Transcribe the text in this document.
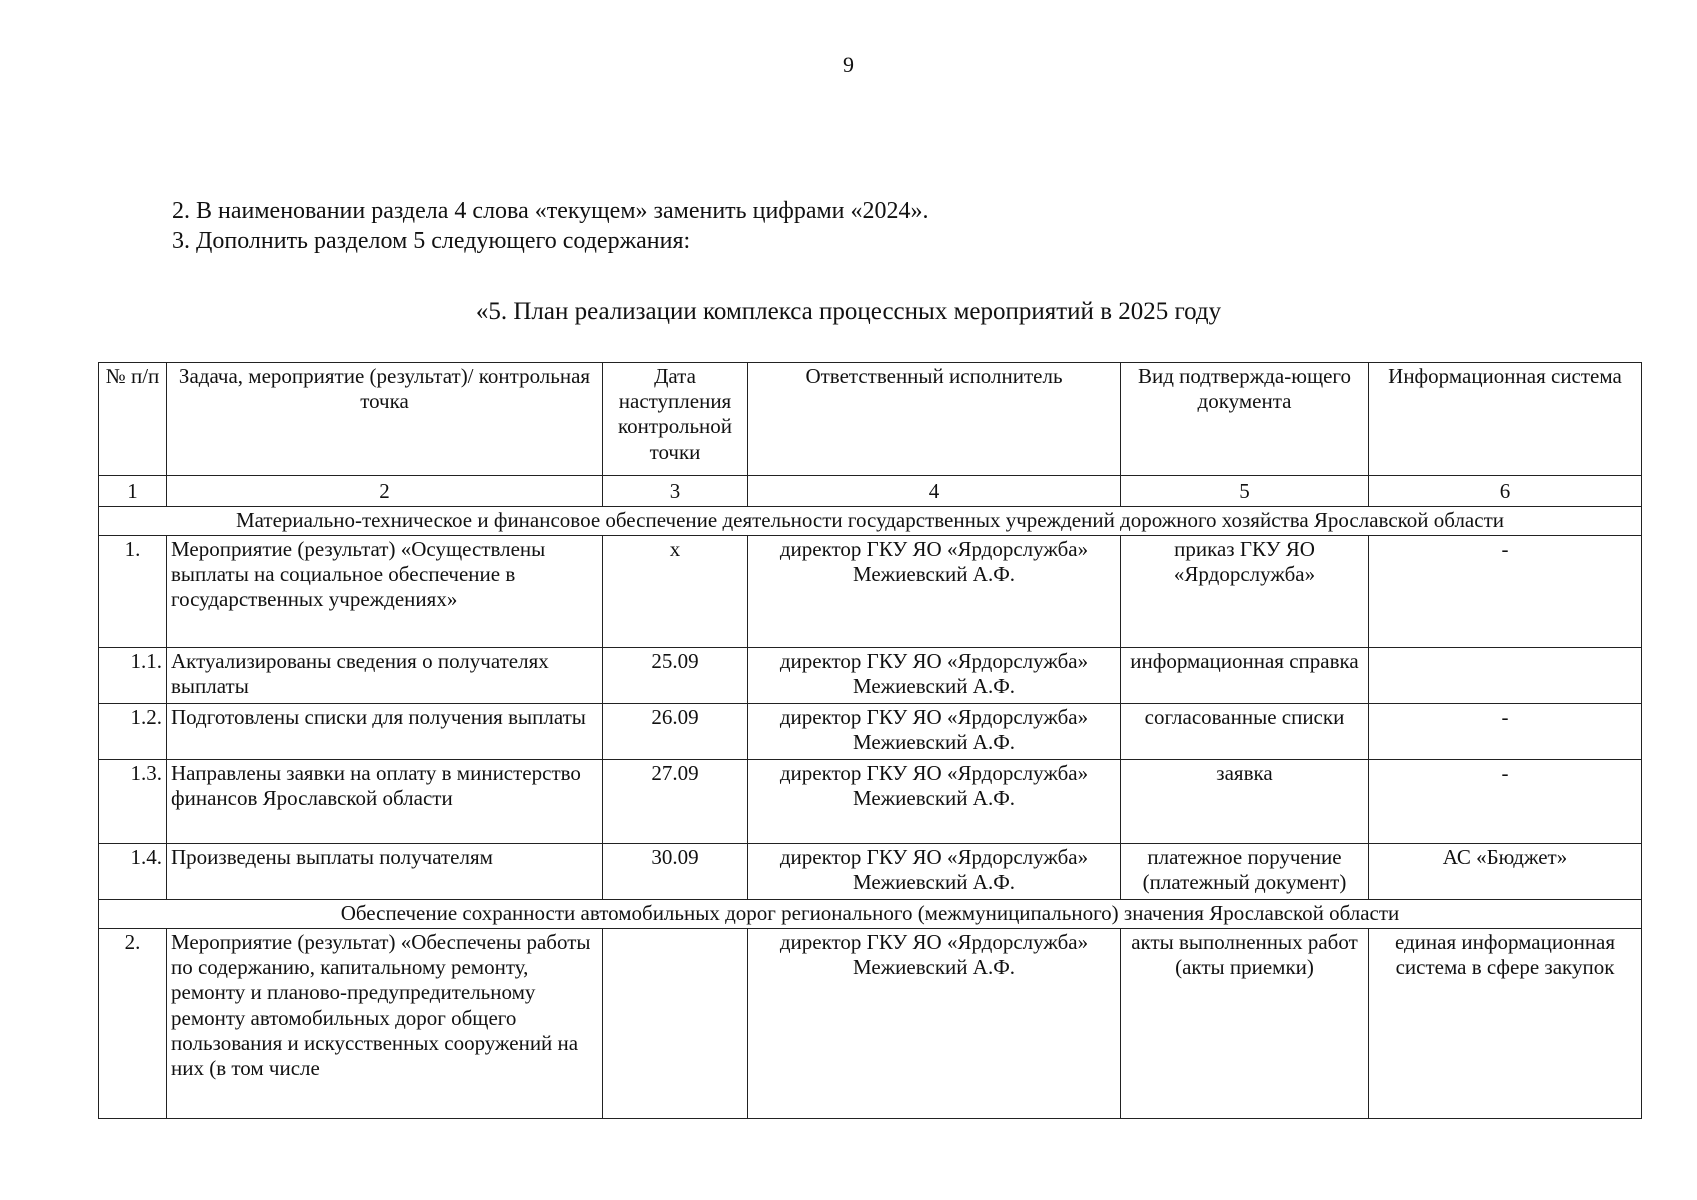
9
2. В наименовании раздела 4 слова «текущем» заменить цифрами «2024».
3. Дополнить разделом 5 следующего содержания:
«5. План реализации комплекса процессных мероприятий в 2025 году
№ п/п	Задача, мероприятие (результат)/ контрольная точка	Дата наступления контрольной точки	Ответственный исполнитель	Вид подтвержда-ющего документа	Информационная система
1	2	3	4	5	6
Материально-техническое и финансовое обеспечение деятельности государственных учреждений дорожного хозяйства Ярославской области					
1.	Мероприятие (результат) «Осуществлены выплаты на социальное обеспечение в государственных учреждениях»	х	директор ГКУ ЯО «Ярдорслужба» Межиевский А.Ф.	приказ ГКУ ЯО «Ярдорслужба»	-
1.1.	Актуализированы сведения о получателях выплаты	25.09	директор ГКУ ЯО «Ярдорслужба» Межиевский А.Ф.	информационная справка	
1.2.	Подготовлены списки для получения выплаты	26.09	директор ГКУ ЯО «Ярдорслужба» Межиевский А.Ф.	согласованные списки	-
1.3.	Направлены заявки на оплату в министерство финансов Ярославской области	27.09	директор ГКУ ЯО «Ярдорслужба» Межиевский А.Ф.	заявка	-
1.4.	Произведены выплаты получателям	30.09	директор ГКУ ЯО «Ярдорслужба» Межиевский А.Ф.	платежное поручение (платежный документ)	АС «Бюджет»
Обеспечение сохранности автомобильных дорог регионального (межмуниципального) значения Ярославской области					
2.	Мероприятие (результат) «Обеспечены работы по содержанию, капитальному ремонту, ремонту и планово-предупредительному ремонту автомобильных дорог общего пользования и искусственных сооружений на них (в том числе		директор ГКУ ЯО «Ярдорслужба» Межиевский А.Ф.	акты выполненных работ (акты приемки)	единая информационная система в сфере закупок
